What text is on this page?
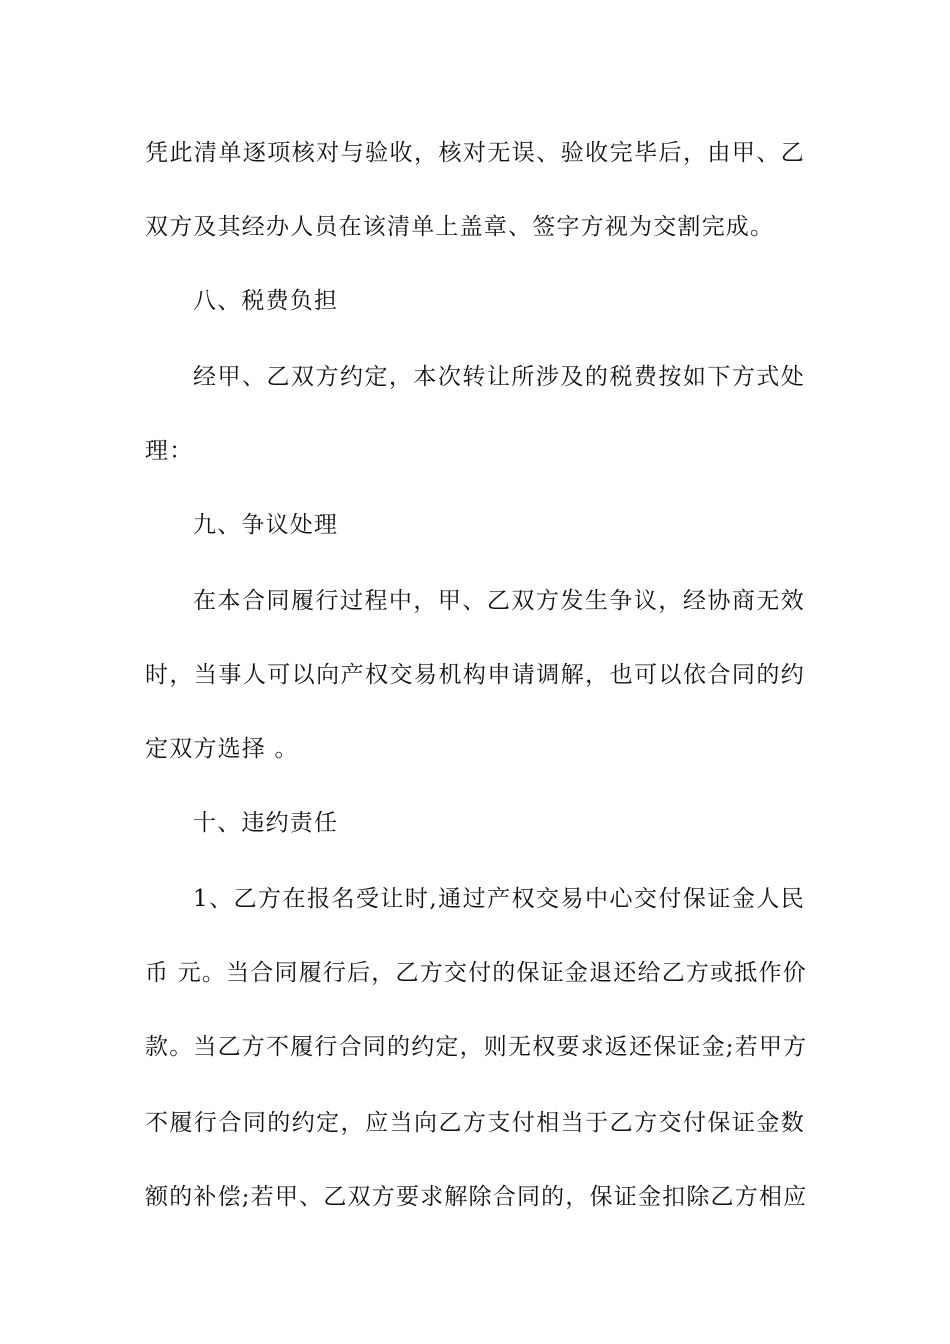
凭此清单逐项核对与验收，核对无误、验收完毕后，由甲、乙
双方及其经办人员在该清单上盖章、签字方视为交割完成。
八、税费负担
经甲、乙双方约定，本次转让所涉及的税费按如下方式处
理：
九、争议处理
在本合同履行过程中，甲、乙双方发生争议，经协商无效
时，当事人可以向产权交易机构申请调解，也可以依合同的约
定双方选择 。
十、违约责任
1、乙方在报名受让时,通过产权交易中心交付保证金人民
币 元。当合同履行后，乙方交付的保证金退还给乙方或抵作价
款。当乙方不履行合同的约定，则无权要求返还保证金;若甲方
不履行合同的约定，应当向乙方支付相当于乙方交付保证金数
额的补偿;若甲、乙双方要求解除合同的，保证金扣除乙方相应
